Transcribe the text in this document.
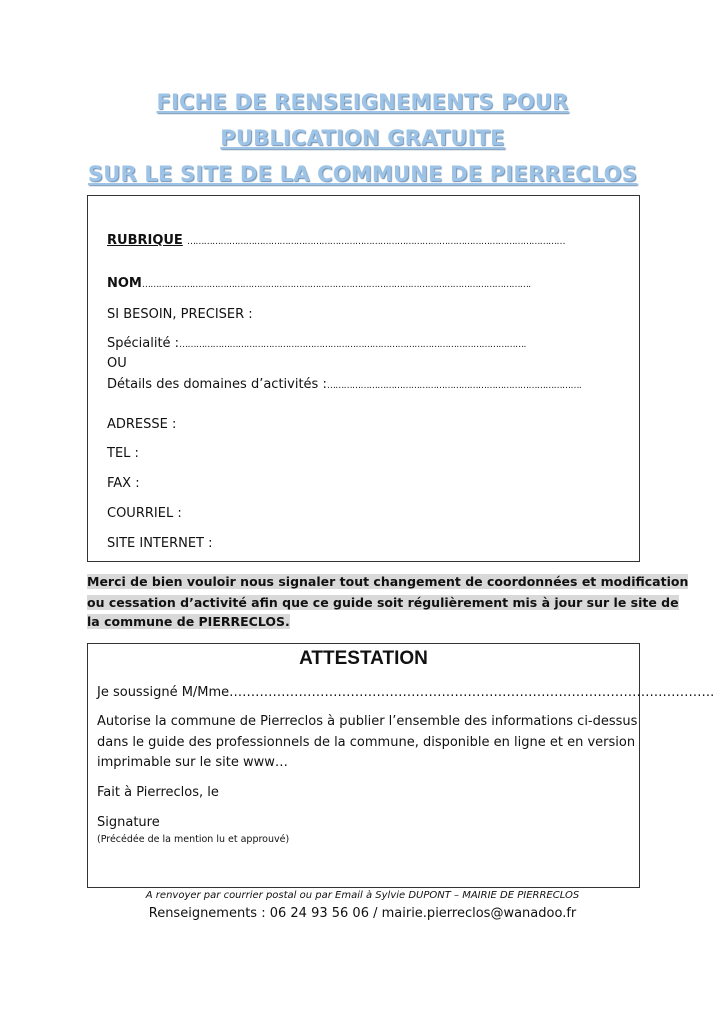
FICHE DE RENSEIGNEMENTS POUR
PUBLICATION GRATUITE
SUR LE SITE DE LA COMMUNE DE PIERRECLOS
RUBRIQUE ………………………………………………………………………………………………………………………
NOM………………………………………………………………………………………………………………………….
SI BESOIN, PRECISER :
Spécialité :…………………………………………………………………………………………………………….
OU
Détails des domaines d’activités :……………………………………………………………………………….
ADRESSE :
TEL :
FAX :
COURRIEL :
SITE INTERNET :
Merci de bien vouloir nous signaler tout changement de coordonnées et modification
ou cessation d’activité afin que ce guide soit régulièrement mis à jour sur le site de
la commune de PIERRECLOS.
ATTESTATION
Je soussigné M/Mme………………………………………………………………………………………………….
Autorise la commune de Pierreclos à publier l’ensemble des informations ci-dessus
dans le guide des professionnels de la commune, disponible en ligne et en version
imprimable sur le site www…
Fait à Pierreclos, le
Signature
(Précédée de la mention lu et approuvé)
A renvoyer par courrier postal ou par Email à Sylvie DUPONT – MAIRIE DE PIERRECLOS
Renseignements : 06 24 93 56 06 / mairie.pierreclos@wanadoo.fr
